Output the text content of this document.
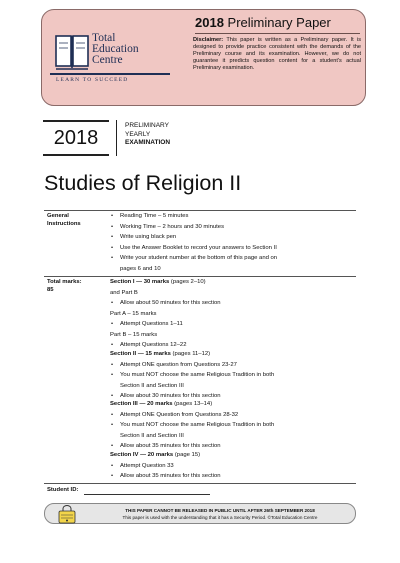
Total
Education
Centre
LEARN TO SUCCEED
2018 Preliminary Paper
Disclaimer: This paper is written as a Preliminary paper. It is designed to provide practice consistent with the demands of the Preliminary course and its examination. However, we do not guarantee it predicts question content for a student's actual Preliminary examination.
2018
PRELIMINARY
YEARLY
EXAMINATION
Studies of Religion II
General
Instructions
• Reading Time – 5 minutes
• Working Time – 2 hours and 30 minutes
• Write using black pen
• Use the Answer Booklet to record your answers to Section II
• Write your student number at the bottom of this page and on
pages 6 and 10
Total marks:
85
Section I — 30 marks (pages 2–10)
and Part B
• Allow about 50 minutes for this section
Part A – 15 marks
• Attempt Questions 1–11
Part B – 15 marks
• Attempt Questions 12–22
Section II — 15 marks (pages 11–12)
• Attempt ONE question from Questions 23-27
• You must NOT choose the same Religious Tradition in both
Section II and Section III
• Allow about 30 minutes for this section
Section III — 20 marks (pages 13–14)
• Attempt ONE Question from Questions 28-32
• You must NOT choose the same Religious Tradition in both
Section II and Section III
• Allow about 35 minutes for this section
Section IV — 20 marks (page 15)
• Attempt Question 33
• Allow about 35 minutes for this section
Student ID:
THIS PAPER CANNOT BE RELEASED IN PUBLIC UNTIL AFTER 26th SEPTEMBER 2018
This paper is used with the understanding that it has a Security Period. ©Total Education Centre
